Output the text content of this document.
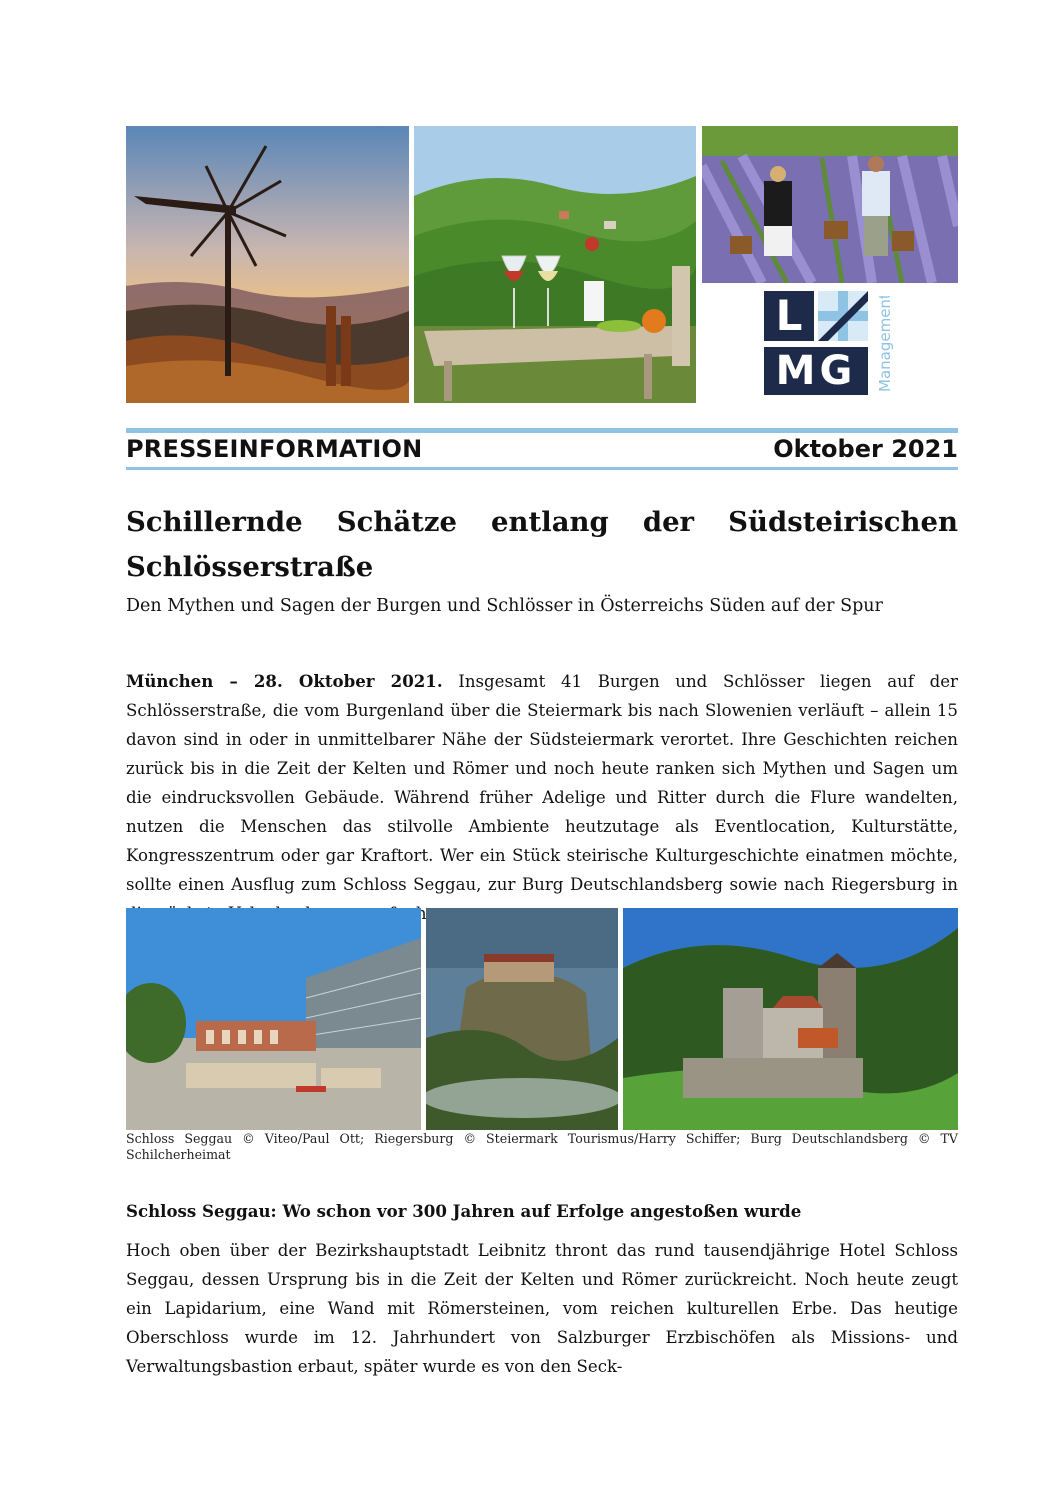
L
MG	Management
PRESSEINFORMATION	Oktober 2021
Schillernde Schätze entlang der Südsteirischen Schlösserstraße
Den Mythen und Sagen der Burgen und Schlösser in Österreichs Süden auf der Spur
München – 28. Oktober 2021. Insgesamt 41 Burgen und Schlösser liegen auf der Schlösserstraße, die vom Burgenland über die Steiermark bis nach Slowenien verläuft – allein 15 davon sind in oder in unmittelbarer Nähe der Südsteiermark verortet. Ihre Geschichten reichen zurück bis in die Zeit der Kelten und Römer und noch heute ranken sich Mythen und Sagen um die eindrucksvollen Gebäude. Während früher Adelige und Ritter durch die Flure wandelten, nutzen die Menschen das stilvolle Ambiente heutzutage als Eventlocation, Kulturstätte, Kongresszentrum oder gar Kraftort. Wer ein Stück steirische Kulturgeschichte einatmen möchte, sollte einen Ausflug zum Schloss Seggau, zur Burg Deutschlandsberg sowie nach Riegersburg in
Schloss Seggau © Viteo/Paul Ott; Riegersburg © Steiermark Tourismus/Harry Schiffer; Burg Deutschlandsberg © TV Schilcherheimat
Schloss Seggau: Wo schon vor 300 Jahren auf Erfolge angestoßen wurde
Hoch oben über der Bezirkshauptstadt Leibnitz thront das rund tausendjährige Hotel Schloss Seggau, dessen Ursprung bis in die Zeit der Kelten und Römer zurückreicht. Noch heute zeugt ein Lapidarium, eine Wand mit Römersteinen, vom reichen kulturellen Erbe. Das heutige Oberschloss wurde im 12. Jahrhundert von Salzburger Erzbischöfen als Missions- und Verwaltungsbastion erbaut, später wurde es von den Seck-
